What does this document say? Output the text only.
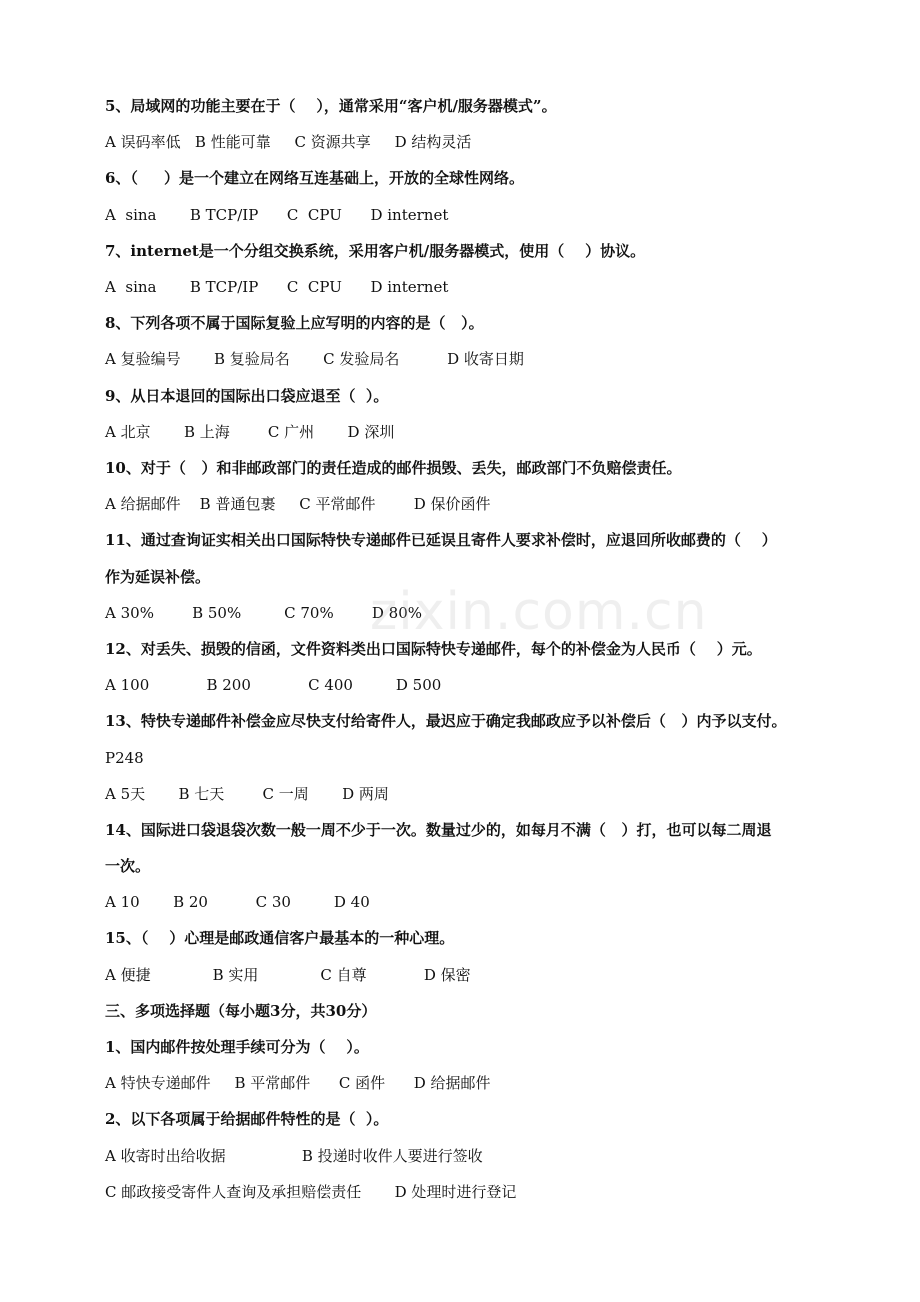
5、局域网的功能主要在于（    ），通常采用“客户机/服务器模式”。
A 误码率低   B 性能可靠     C 资源共享     D 结构灵活
6、（     ）是一个建立在网络互连基础上，开放的全球性网络。
A  sina       B TCP/IP      C  CPU      D internet
7、internet是一个分组交换系统，采用客户机/服务器模式，使用（    ）协议。
A  sina       B TCP/IP      C  CPU      D internet
8、下列各项不属于国际复验上应写明的内容的是（   ）。
A 复验编号       B 复验局名       C 发验局名          D 收寄日期
9、从日本退回的国际出口袋应退至（  ）。
A 北京       B 上海        C 广州       D 深圳
10、对于（   ）和非邮政部门的责任造成的邮件损毁、丢失，邮政部门不负赔偿责任。
A 给据邮件    B 普通包裹     C 平常邮件        D 保价函件
11、通过查询证实相关出口国际特快专递邮件已延误且寄件人要求补偿时，应退回所收邮费的（    ）
作为延误补偿。
A 30%        B 50%         C 70%        D 80%
12、对丢失、损毁的信函，文件资料类出口国际特快专递邮件，每个的补偿金为人民币（    ）元。
A 100            B 200            C 400         D 500
13、特快专递邮件补偿金应尽快支付给寄件人，最迟应于确定我邮政应予以补偿后（   ）内予以支付。
P248
A 5天       B 七天        C 一周       D 两周
14、国际进口袋退袋次数一般一周不少于一次。数量过少的，如每月不满（   ）打，也可以每二周退
一次。
A 10       B 20          C 30         D 40
15、（    ）心理是邮政通信客户最基本的一种心理。
A 便捷             B 实用             C 自尊            D 保密
三、多项选择题（每小题3分，共30分）
1、国内邮件按处理手续可分为（    ）。
A 特快专递邮件     B 平常邮件      C 函件      D 给据邮件
2、以下各项属于给据邮件特性的是（  ）。
A 收寄时出给收据                B 投递时收件人要进行签收
C 邮政接受寄件人查询及承担赔偿责任       D 处理时进行登记
zixin.com.cn
